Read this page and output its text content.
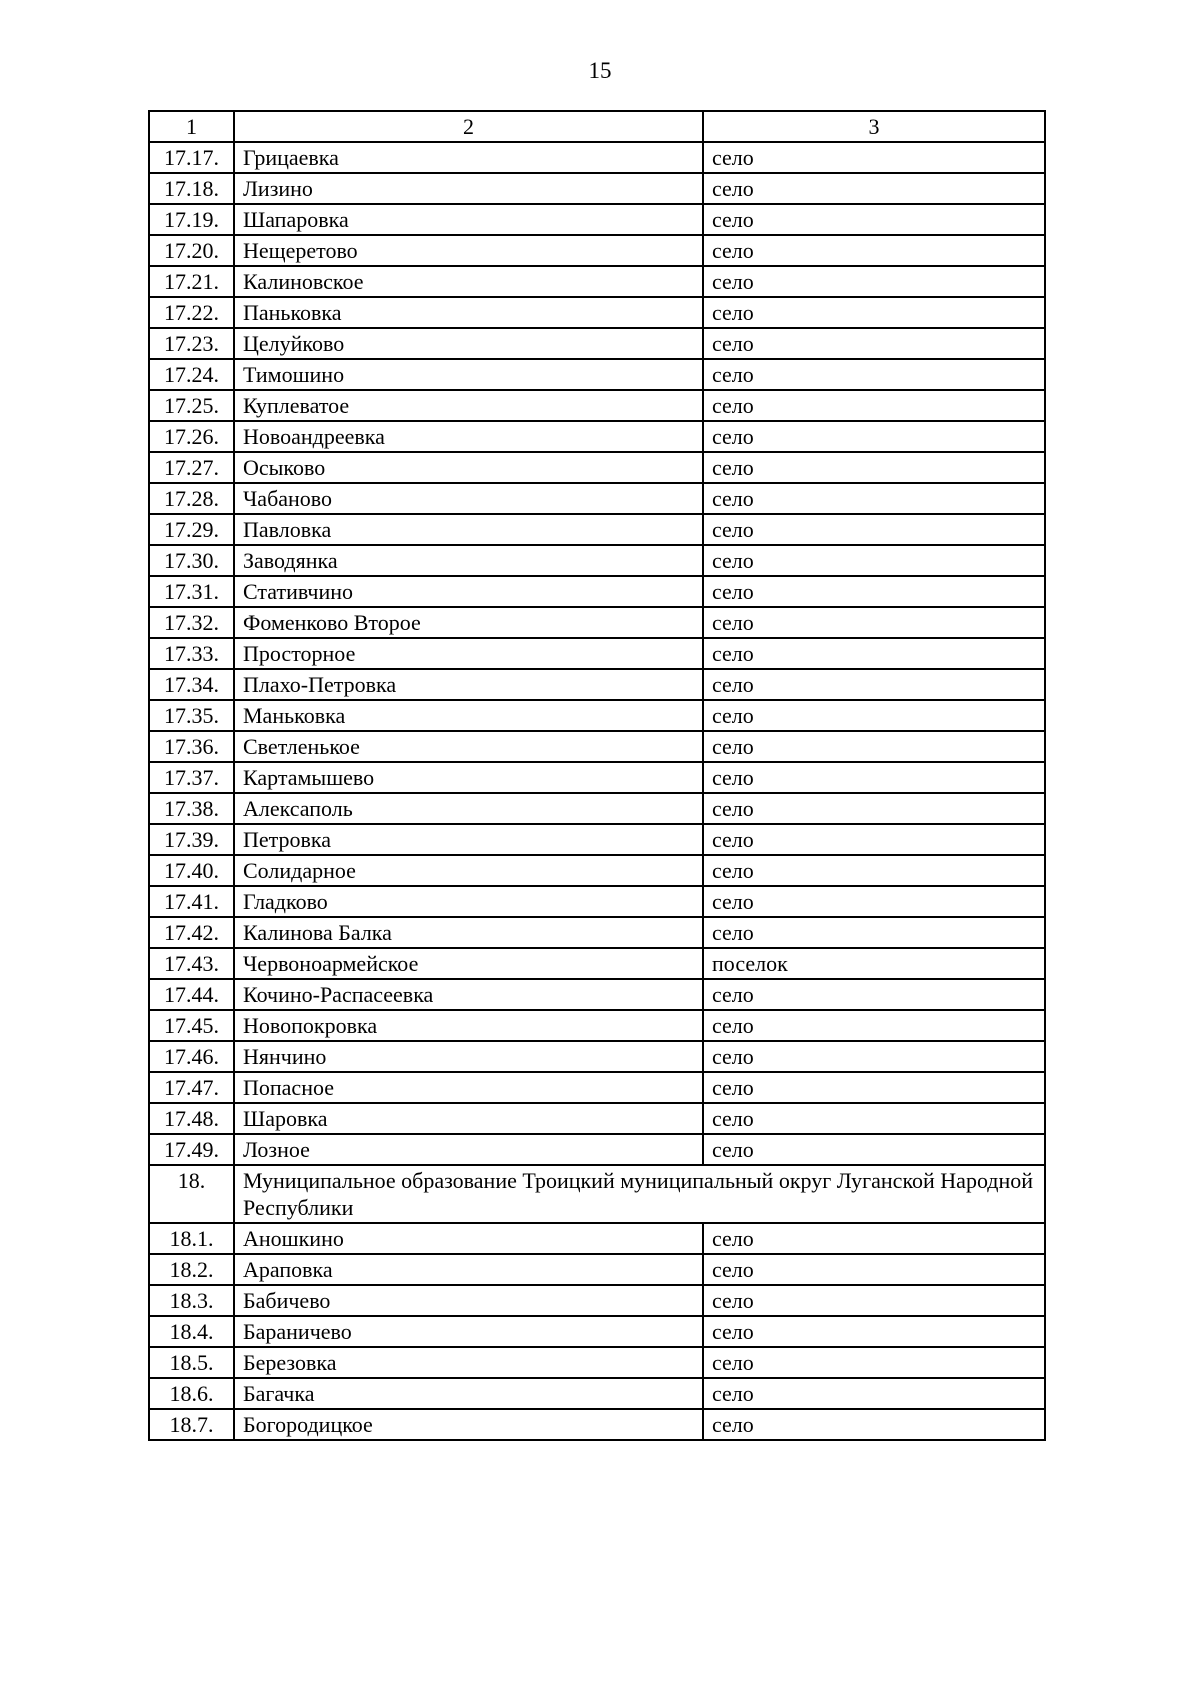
15
1	2	3
17.17.	Грицаевка	село
17.18.	Лизино	село
17.19.	Шапаровка	село
17.20.	Нещеретово	село
17.21.	Калиновское	село
17.22.	Паньковка	село
17.23.	Целуйково	село
17.24.	Тимошино	село
17.25.	Куплеватое	село
17.26.	Новоандреевка	село
17.27.	Осыково	село
17.28.	Чабаново	село
17.29.	Павловка	село
17.30.	Заводянка	село
17.31.	Стативчино	село
17.32.	Фоменково Второе	село
17.33.	Просторное	село
17.34.	Плахо-Петровка	село
17.35.	Маньковка	село
17.36.	Светленькое	село
17.37.	Картамышево	село
17.38.	Алексаполь	село
17.39.	Петровка	село
17.40.	Солидарное	село
17.41.	Гладково	село
17.42.	Калинова Балка	село
17.43.	Червоноармейское	поселок
17.44.	Кочино-Распасеевка	село
17.45.	Новопокровка	село
17.46.	Нянчино	село
17.47.	Попасное	село
17.48.	Шаровка	село
17.49.	Лозное	село
18.	Муниципальное образование Троицкий муниципальный округ Луганской Народной Республики	
18.1.	Аношкино	село
18.2.	Араповка	село
18.3.	Бабичево	село
18.4.	Бараничево	село
18.5.	Березовка	село
18.6.	Багачка	село
18.7.	Богородицкое	село
